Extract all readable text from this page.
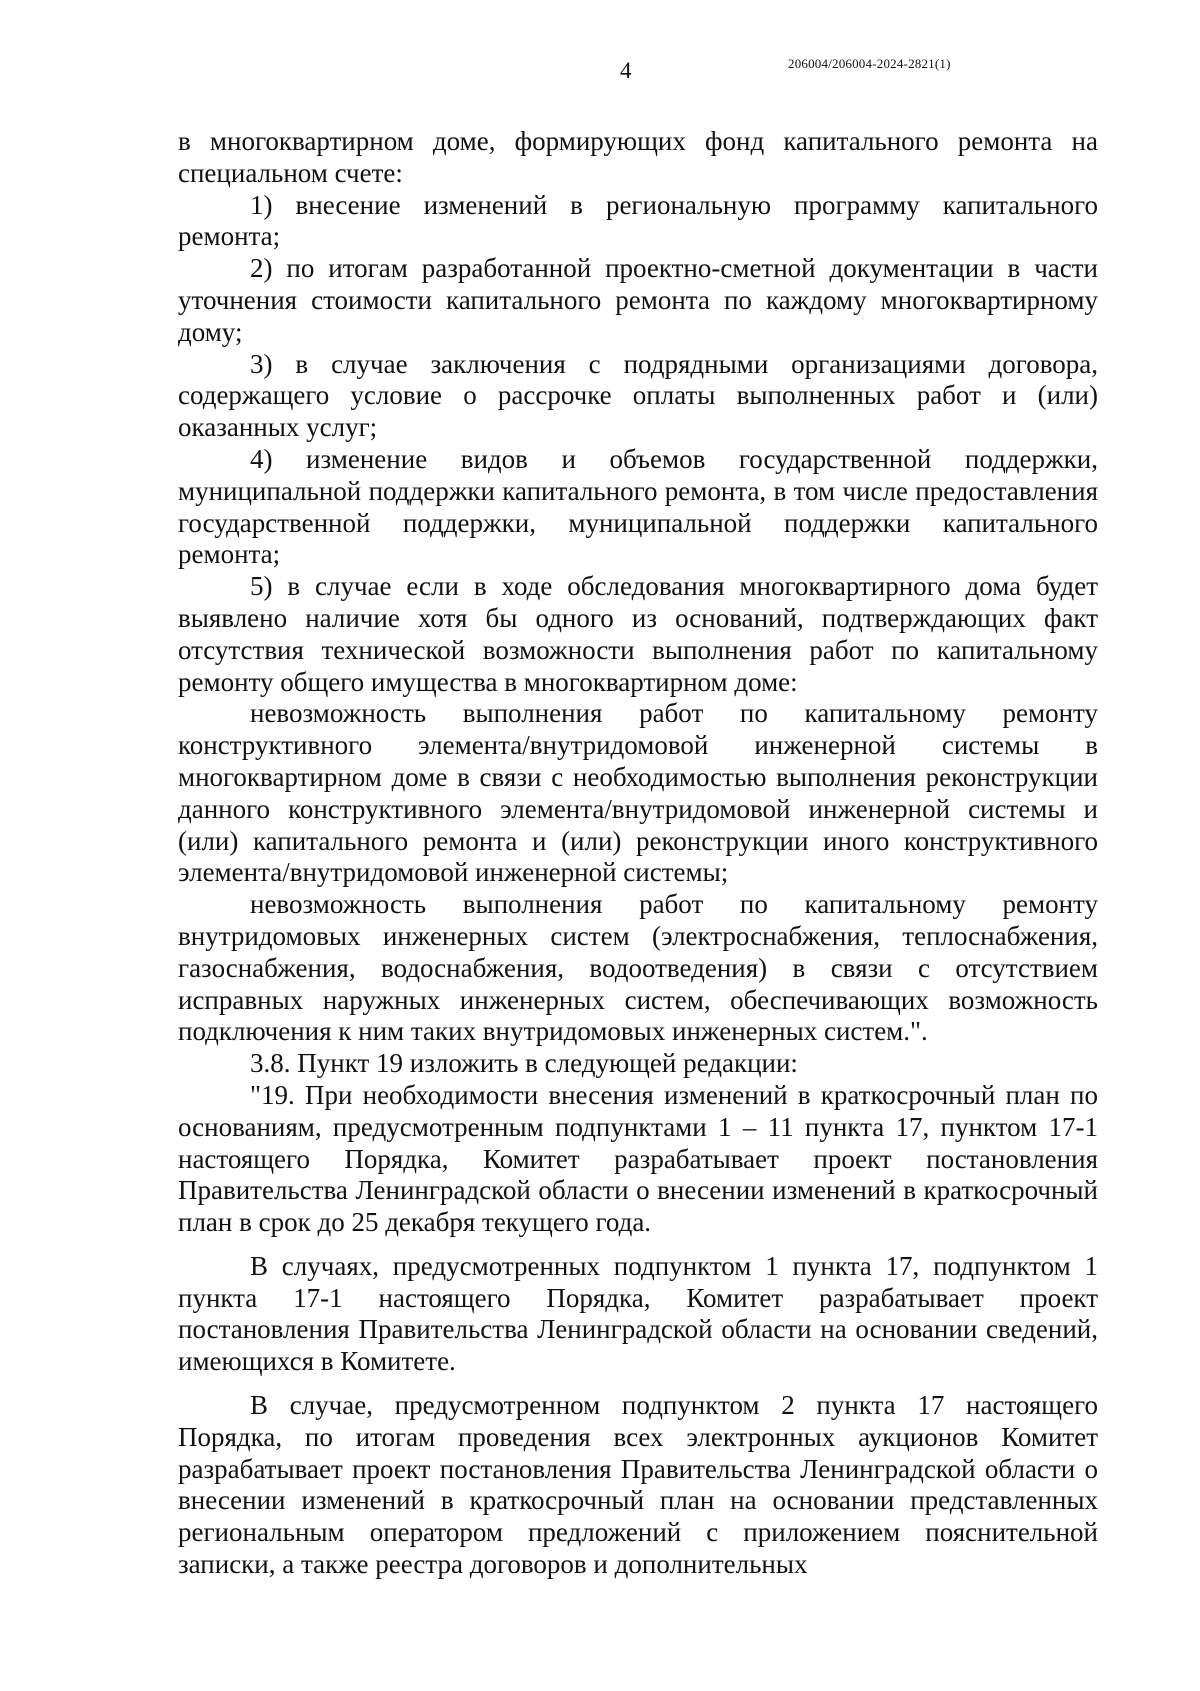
4	206004/206004-2024-2821(1)

в многоквартирном доме, формирующих фонд капитального ремонта на специальном счете:

1) внесение изменений в региональную программу капитального ремонта;

2) по итогам разработанной проектно-сметной документации в части уточнения стоимости капитального ремонта по каждому многоквартирному дому;

3) в случае заключения с подрядными организациями договора, содержащего условие о рассрочке оплаты выполненных работ и (или) оказанных услуг;

4) изменение видов и объемов государственной поддержки, муниципальной поддержки капитального ремонта, в том числе предоставления государственной поддержки, муниципальной поддержки капитального ремонта;

5) в случае если в ходе обследования многоквартирного дома будет выявлено наличие хотя бы одного из оснований, подтверждающих факт отсутствия технической возможности выполнения работ по капитальному ремонту общего имущества в многоквартирном доме:

невозможность выполнения работ по капитальному ремонту конструктивного элемента/внутридомовой инженерной системы в многоквартирном доме в связи с необходимостью выполнения реконструкции данного конструктивного элемента/внутридомовой инженерной системы и (или) капитального ремонта и (или) реконструкции иного конструктивного элемента/внутридомовой инженерной системы;

невозможность выполнения работ по капитальному ремонту внутридомовых инженерных систем (электроснабжения, теплоснабжения, газоснабжения, водоснабжения, водоотведения) в связи с отсутствием исправных наружных инженерных систем, обеспечивающих возможность подключения к ним таких внутридомовых инженерных систем.".

3.8. Пункт 19 изложить в следующей редакции:

"19. При необходимости внесения изменений в краткосрочный план по основаниям, предусмотренным подпунктами 1 – 11 пункта 17, пунктом 17-1 настоящего Порядка, Комитет разрабатывает проект постановления Правительства Ленинградской области о внесении изменений в краткосрочный план в срок до 25 декабря текущего года.

В случаях, предусмотренных подпунктом 1 пункта 17, подпунктом 1 пункта 17-1 настоящего Порядка, Комитет разрабатывает проект постановления Правительства Ленинградской области на основании сведений, имеющихся в Комитете.

В случае, предусмотренном подпунктом 2 пункта 17 настоящего Порядка, по итогам проведения всех электронных аукционов Комитет разрабатывает проект постановления Правительства Ленинградской области о внесении изменений в краткосрочный план на основании представленных региональным оператором предложений с приложением пояснительной записки, а также реестра договоров и дополнительных
